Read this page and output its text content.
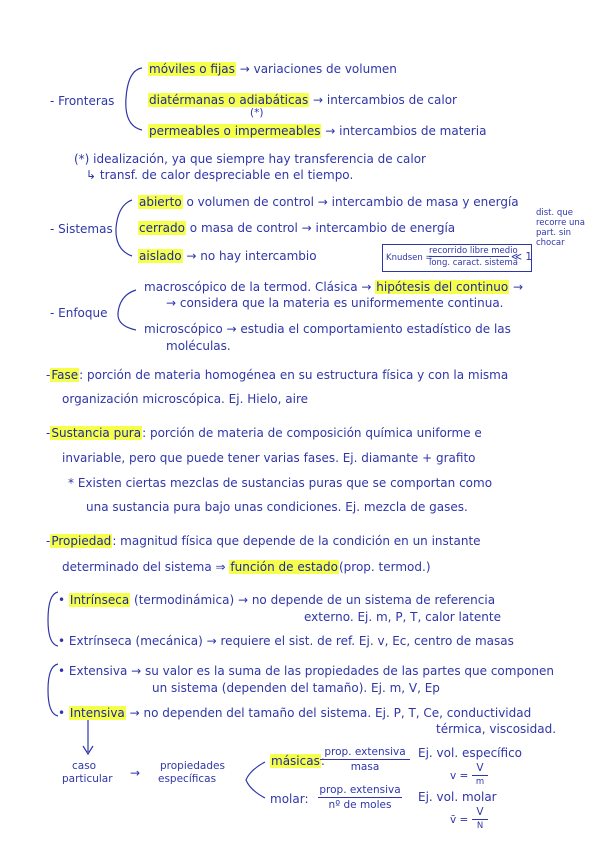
- Fronteras
móviles o fijas → variaciones de volumen
diatérmanas o adiabáticas → intercambios de calor
(*)
permeables o impermeables → intercambios de materia
(*) idealización, ya que siempre hay transferencia de calor
↳ transf. de calor despreciable en el tiempo.
- Sistemas
abierto o volumen de control → intercambio de masa y energía
dist. que recorre una part. sin chocar
cerrado o masa de control → intercambio de energía
aislado → no hay intercambio	Knudsen =
recorrido libre medio
long. caract. sistema
≪ 1
- Enfoque
macroscópico de la termod. Clásica → hipótesis del continuo →
→ considera que la materia es uniformemente continua.
microscópico → estudia el comportamiento estadístico de las
moléculas.
-Fase: porción de materia homogénea en su estructura física y con la misma
organización microscópica. Ej. Hielo, aire
-Sustancia pura: porción de materia de composición química uniforme e
invariable, pero que puede tener varias fases. Ej. diamante + grafito
* Existen ciertas mezclas de sustancias puras que se comportan como
una sustancia pura bajo unas condiciones. Ej. mezcla de gases.
-Propiedad: magnitud física que depende de la condición en un instante
determinado del sistema ⇒ función de estado(prop. termod.)
• Intrínseca (termodinámica) → no depende de un sistema de referencia
externo. Ej. m, P, T, calor latente
• Extrínseca (mecánica) → requiere el sist. de ref. Ej. v, Ec, centro de masas
• Extensiva → su valor es la suma de las propiedades de las partes que componen
un sistema (dependen del tamaño). Ej. m, V, Ep
• Intensiva → no dependen del tamaño del sistema. Ej. P, T, Ce, conductividad
térmica, viscosidad.
caso
particular → propiedades
específicas
másicas:
prop. extensiva
masa
Ej. vol. específico
v =
V
m
molar:
prop. extensiva
nº de moles
Ej. vol. molar
v̄ =
V
N
